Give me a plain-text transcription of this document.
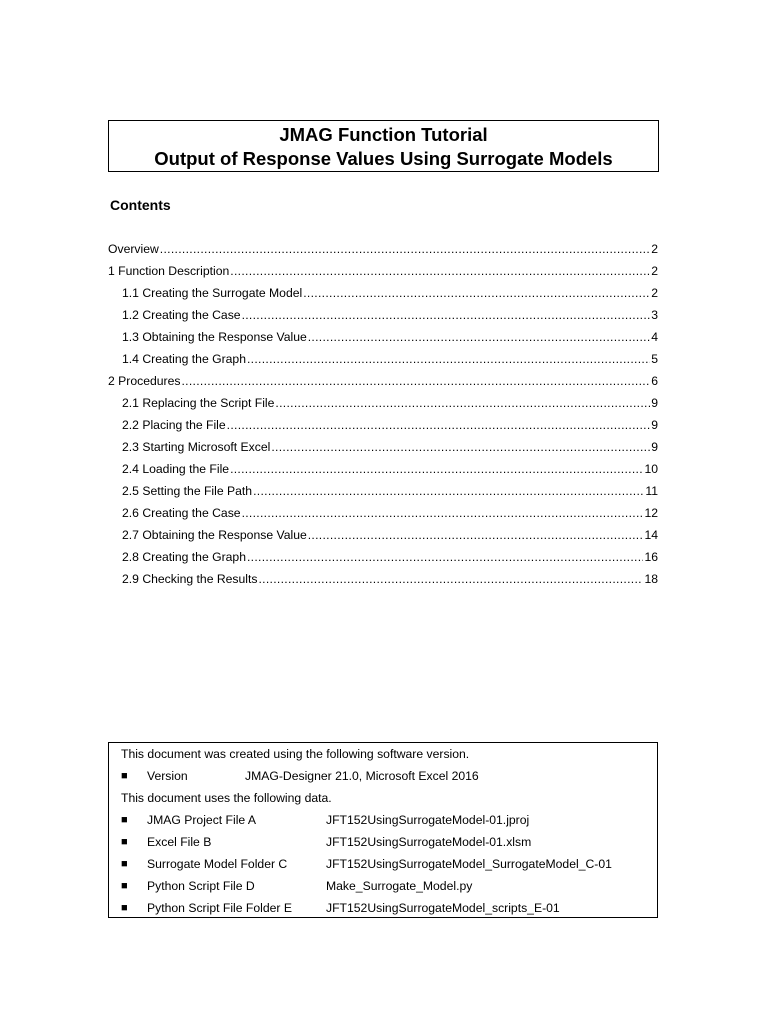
JMAG Function Tutorial
Output of Response Values Using Surrogate Models
Contents
Overview .....	2
1 Function Description .....	2
1.1 Creating the Surrogate Model .....	2
1.2 Creating the Case .....	3
1.3 Obtaining the Response Value .....	4
1.4 Creating the Graph .....	5
2 Procedures .....	6
2.1 Replacing the Script File .....	9
2.2 Placing the File .....	9
2.3 Starting Microsoft Excel .....	9
2.4 Loading the File .....	10
2.5 Setting the File Path .....	11
2.6 Creating the Case .....	12
2.7 Obtaining the Response Value .....	14
2.8 Creating the Graph .....	16
2.9 Checking the Results .....	18
This document was created using the following software version.
■ Version	JMAG-Designer 21.0, Microsoft Excel 2016
This document uses the following data.
■ JMAG Project File A	JFT152UsingSurrogateModel-01.jproj
■ Excel File B	JFT152UsingSurrogateModel-01.xlsm
■ Surrogate Model Folder C	JFT152UsingSurrogateModel_SurrogateModel_C-01
■ Python Script File D	Make_Surrogate_Model.py
■ Python Script File Folder E	JFT152UsingSurrogateModel_scripts_E-01
